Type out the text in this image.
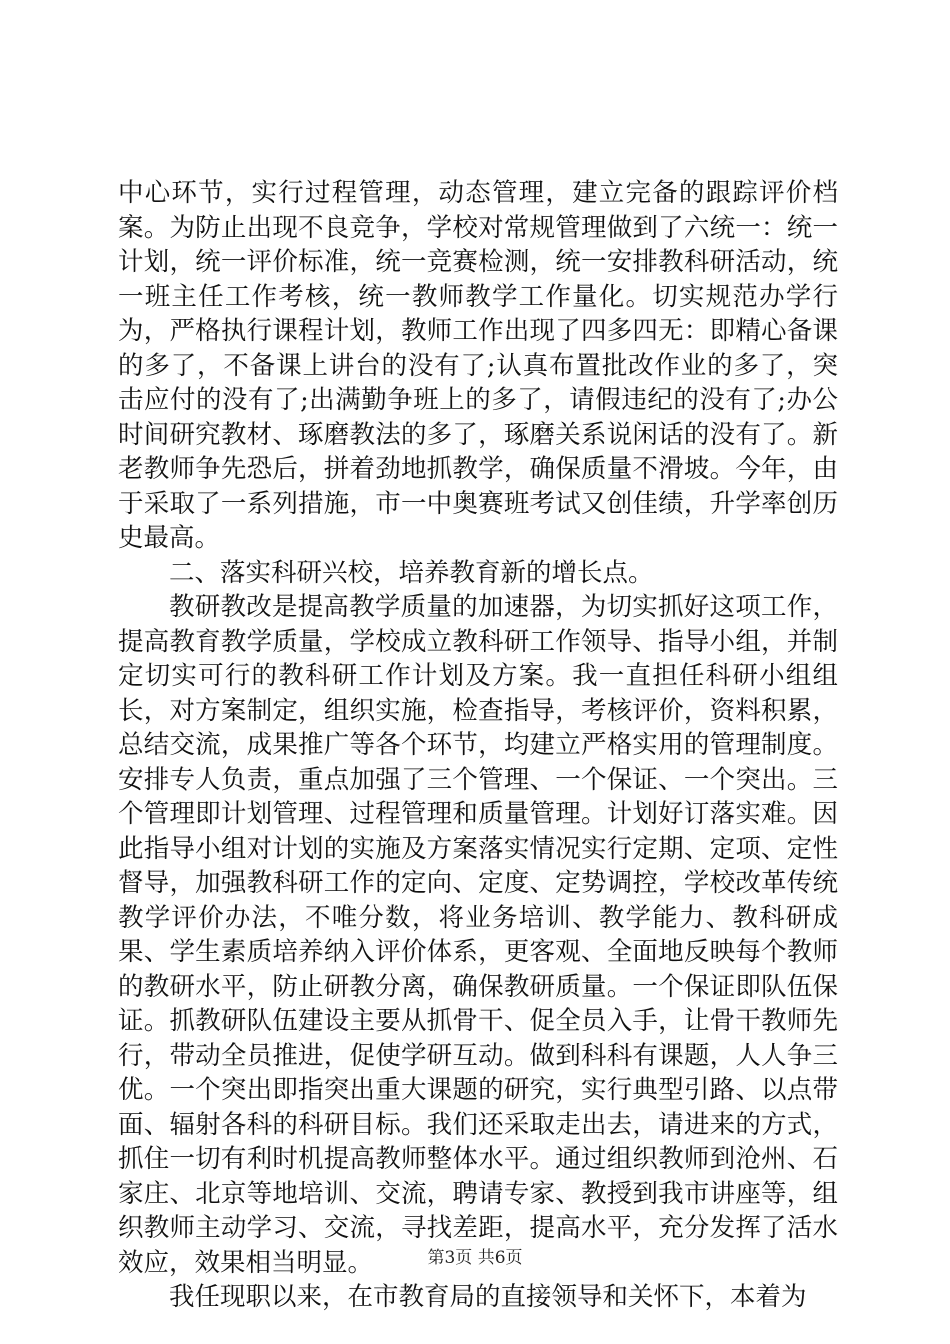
中心环节，实行过程管理，动态管理，建立完备的跟踪评价档案。为防止出现不良竞争，学校对常规管理做到了六统一：统一计划，统一评价标准，统一竞赛检测，统一安排教科研活动，统一班主任工作考核，统一教师教学工作量化。切实规范办学行为，严格执行课程计划，教师工作出现了四多四无：即精心备课的多了，不备课上讲台的没有了;认真布置批改作业的多了，突击应付的没有了;出满勤争班上的多了，请假违纪的没有了;办公时间研究教材、琢磨教法的多了，琢磨关系说闲话的没有了。新老教师争先恐后，拼着劲地抓教学，确保质量不滑坡。今年，由于采取了一系列措施，市一中奥赛班考试又创佳绩，升学率创历史最高。

二、落实科研兴校，培养教育新的增长点。

教研教改是提高教学质量的加速器，为切实抓好这项工作，提高教育教学质量，学校成立教科研工作领导、指导小组，并制定切实可行的教科研工作计划及方案。我一直担任科研小组组长，对方案制定，组织实施，检查指导，考核评价，资料积累，总结交流，成果推广等各个环节，均建立严格实用的管理制度。安排专人负责，重点加强了三个管理、一个保证、一个突出。三个管理即计划管理、过程管理和质量管理。计划好订落实难。因此指导小组对计划的实施及方案落实情况实行定期、定项、定性督导，加强教科研工作的定向、定度、定势调控，学校改革传统教学评价办法，不唯分数，将业务培训、教学能力、教科研成果、学生素质培养纳入评价体系，更客观、全面地反映每个教师的教研水平，防止研教分离，确保教研质量。一个保证即队伍保证。抓教研队伍建设主要从抓骨干、促全员入手，让骨干教师先行，带动全员推进，促使学研互动。做到科科有课题，人人争三优。一个突出即指突出重大课题的研究，实行典型引路、以点带面、辐射各科的科研目标。我们还采取走出去，请进来的方式，抓住一切有利时机提高教师整体水平。通过组织教师到沧州、石家庄、北京等地培训、交流，聘请专家、教授到我市讲座等，组织教师主动学习、交流，寻找差距，提高水平，充分发挥了活水效应，效果相当明显。

我任现职以来，在市教育局的直接领导和关怀下，本着为

第3页 共6页
